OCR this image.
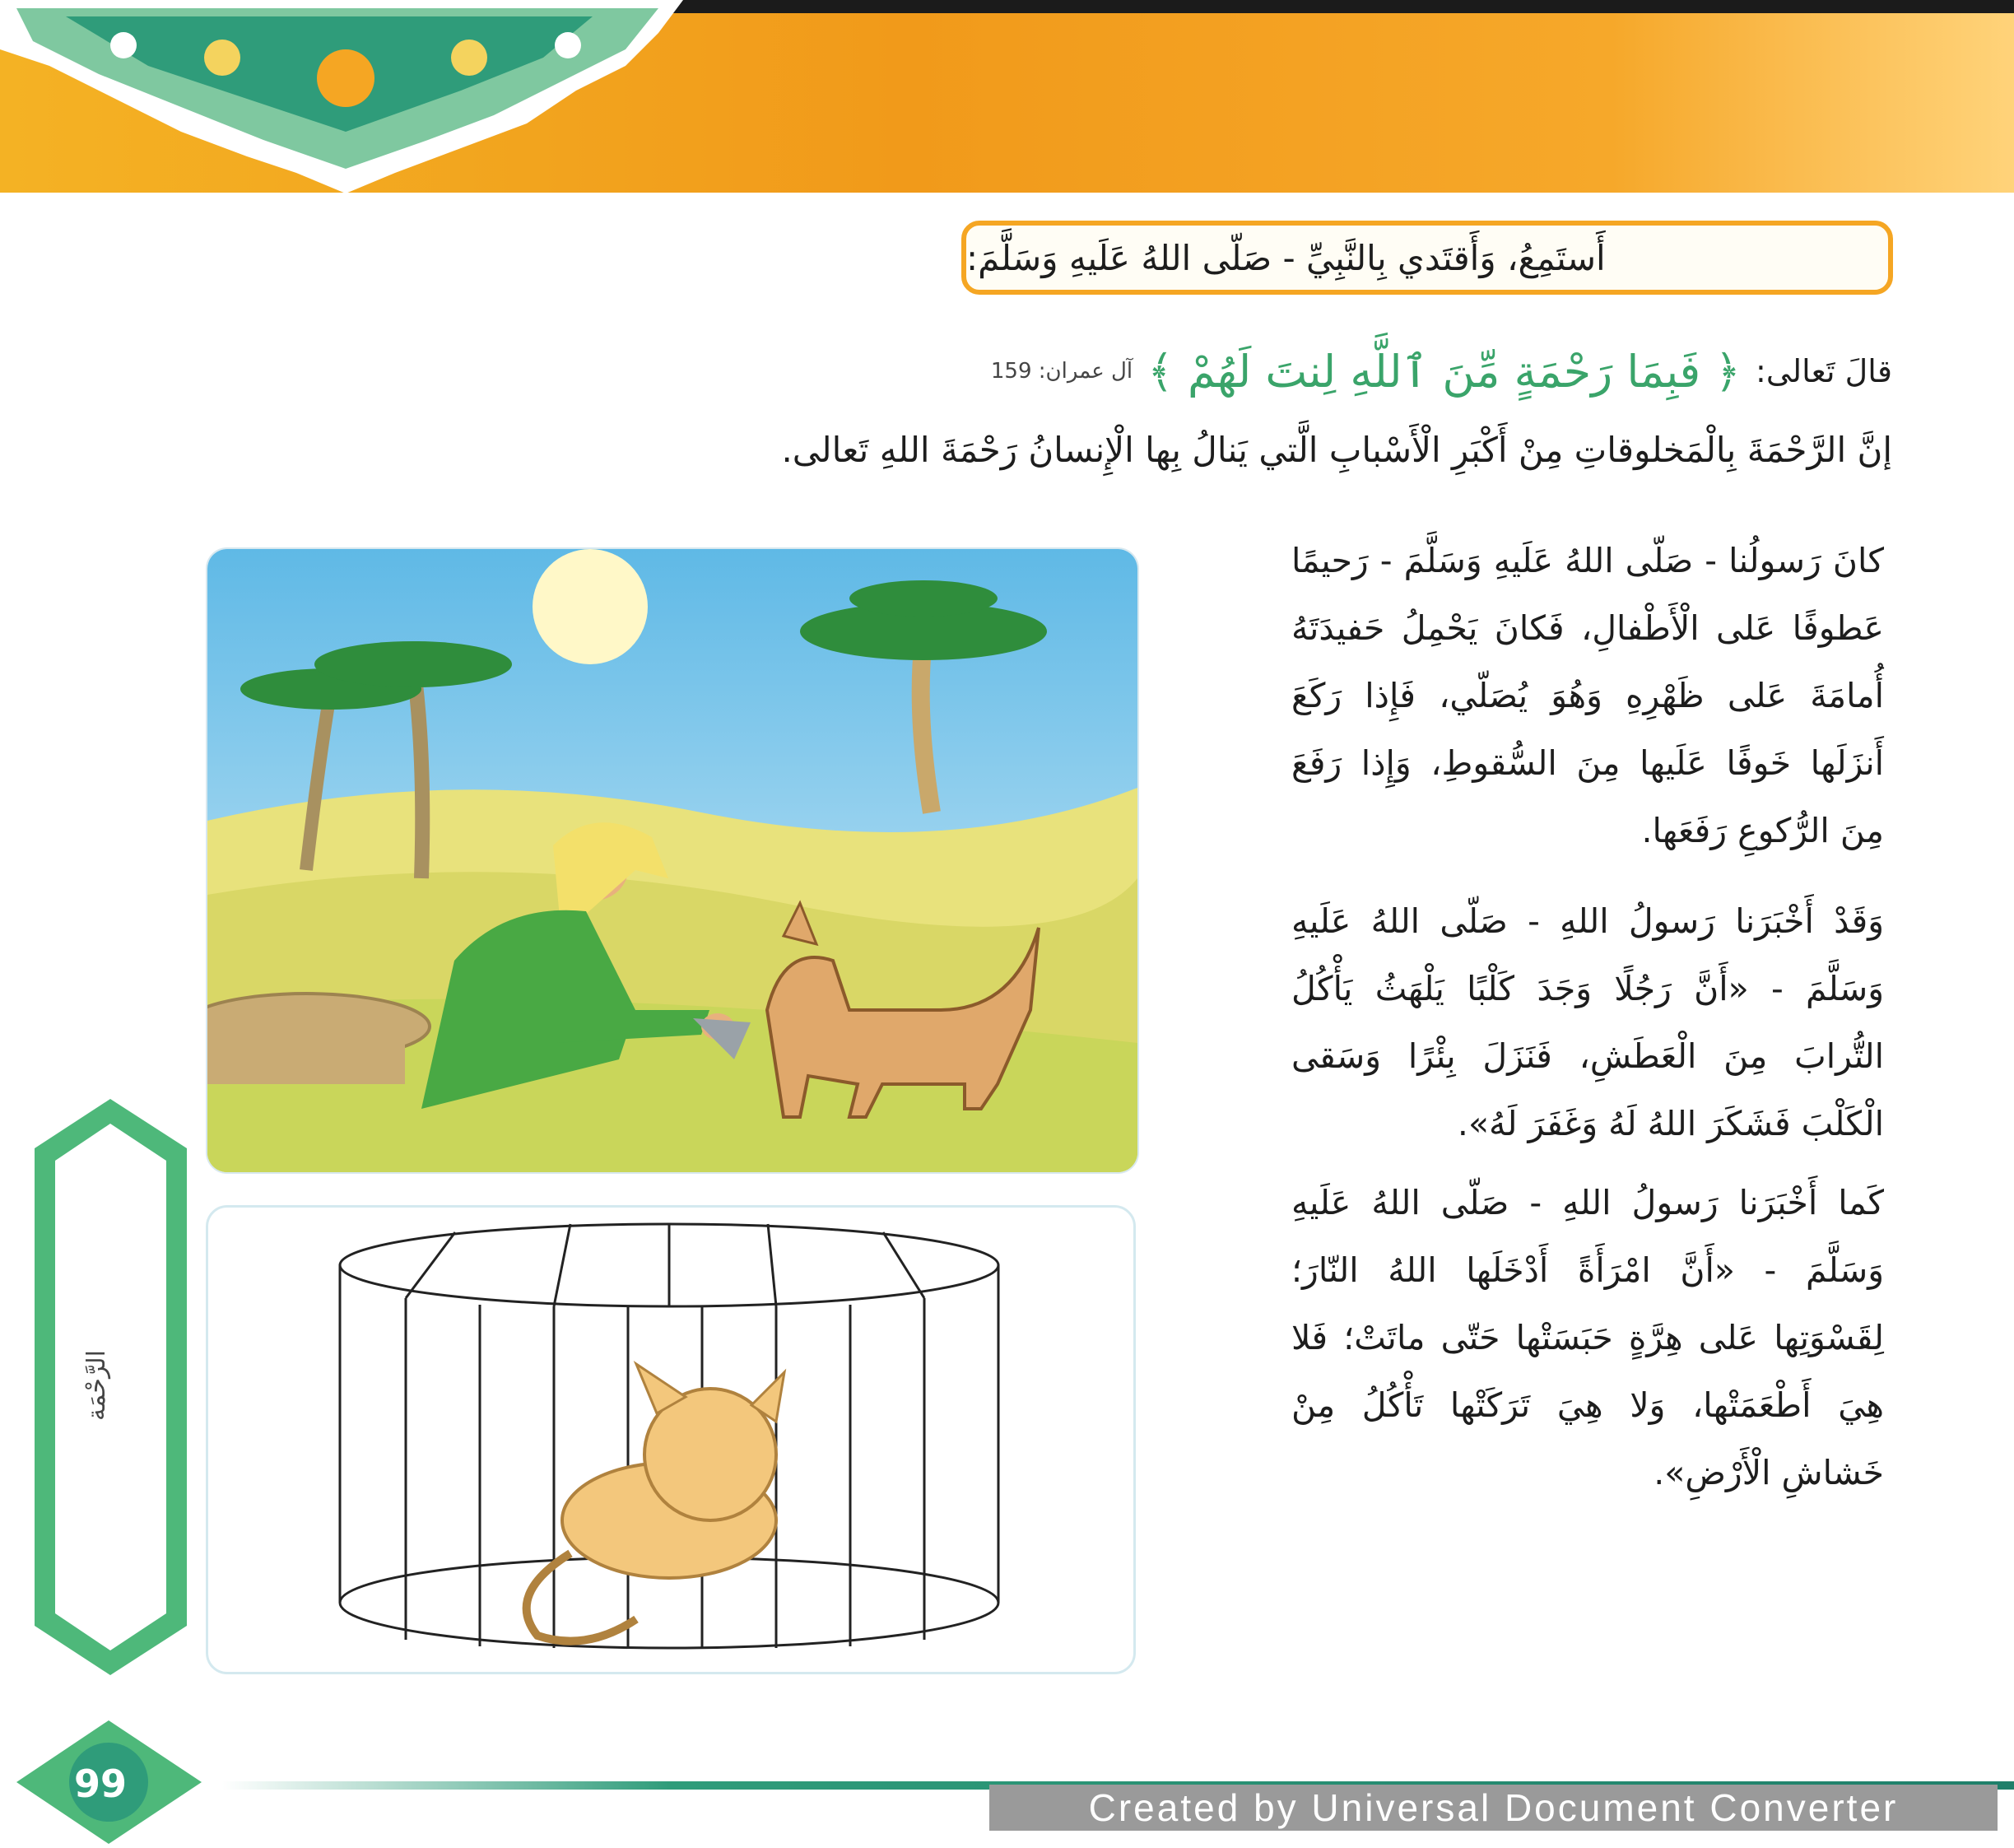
أَستَمِعُ، وَأَقتَدي بِالنَّبِيِّ - صَلّى اللهُ عَلَيهِ وَسَلَّمَ:
قالَ تَعالى:
﴿ فَبِمَا رَحْمَةٍ مِّنَ ٱللَّهِ لِنتَ لَهُمْ ﴾
آل عمران: 159
إنَّ الرَّحْمَةَ بِالْمَخلوقاتِ مِنْ أَكْبَرِ الْأَسْبابِ الَّتي يَنالُ بِها الْإِنسانُ رَحْمَةَ اللهِ تَعالى.
كانَ رَسولُنا - صَلّى اللهُ عَلَيهِ وَسَلَّمَ - رَحيمًا عَطوفًا عَلى الْأَطْفالِ، فَكانَ يَحْمِلُ حَفيدَتَهُ أُمامَةَ عَلى ظَهْرِهِ وَهُوَ يُصَلّي، فَإِذا رَكَعَ أَنزَلَها خَوفًا عَلَيها مِنَ السُّقوطِ، وَإِذا رَفَعَ مِنَ الرُّكوعِ رَفَعَها.
وَقَدْ أَخْبَرَنا رَسولُ اللهِ - صَلّى اللهُ عَلَيهِ وَسَلَّمَ - «أَنَّ رَجُلًا وَجَدَ كَلْبًا يَلْهَثُ يَأْكُلُ التُّرابَ مِنَ الْعَطَشِ، فَنَزَلَ بِئْرًا وَسَقى الْكَلْبَ فَشَكَرَ اللهُ لَهُ وَغَفَرَ لَهُ».
كَما أَخْبَرَنا رَسولُ اللهِ - صَلّى اللهُ عَلَيهِ وَسَلَّمَ - «أَنَّ امْرَأَةً أَدْخَلَها اللهُ النّارَ؛ لِقَسْوَتِها عَلى هِرَّةٍ حَبَسَتْها حَتّى ماتَتْ؛ فَلا هِيَ أَطْعَمَتْها، وَلا هِيَ تَرَكَتْها تَأْكُلُ مِنْ خَشاشِ الْأَرْضِ».
الرَّحْمَة
99
Created by Universal Document Converter
